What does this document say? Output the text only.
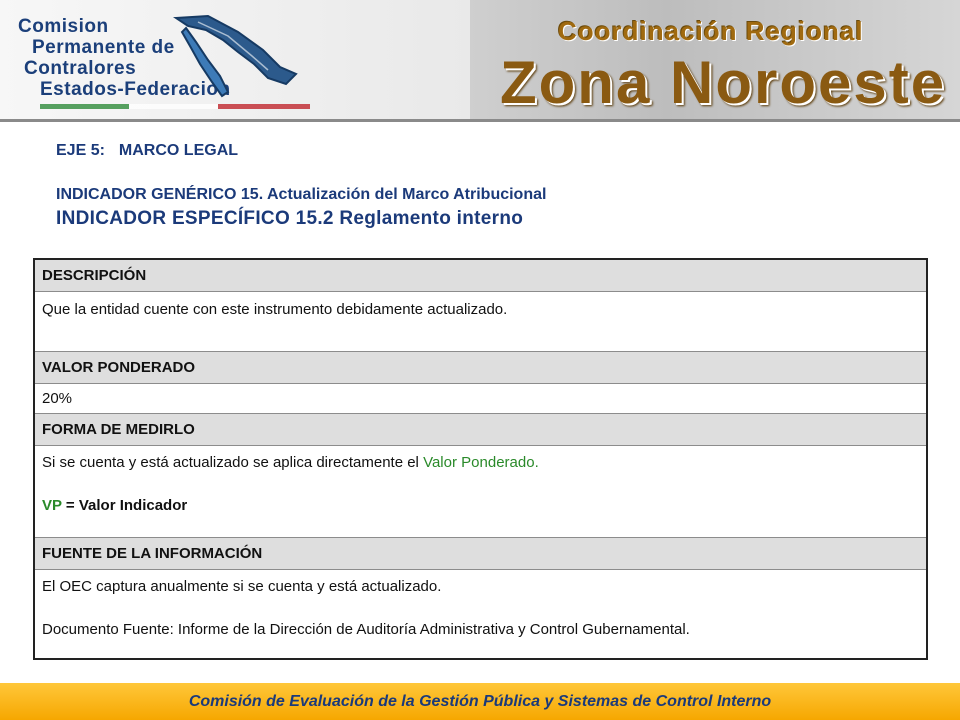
Comision
Permanente de
Contralores
Estados-Federacion
Coordinación Regional
Zona Noroeste
EJE 5: MARCO LEGAL
INDICADOR GENÉRICO 15. Actualización del Marco Atribucional
INDICADOR ESPECÍFICO 15.2 Reglamento interno
DESCRIPCIÓN
Que la entidad cuente con este instrumento debidamente actualizado.
VALOR PONDERADO
20%
FORMA DE MEDIRLO
Si se cuenta y está actualizado se aplica directamente el Valor Ponderado.
VP = Valor Indicador
FUENTE DE LA INFORMACIÓN
El OEC captura anualmente si se cuenta y está actualizado.
Documento Fuente: Informe de la Dirección de Auditoría Administrativa y Control Gubernamental.
Comisión de Evaluación de la Gestión Pública y Sistemas de Control Interno
